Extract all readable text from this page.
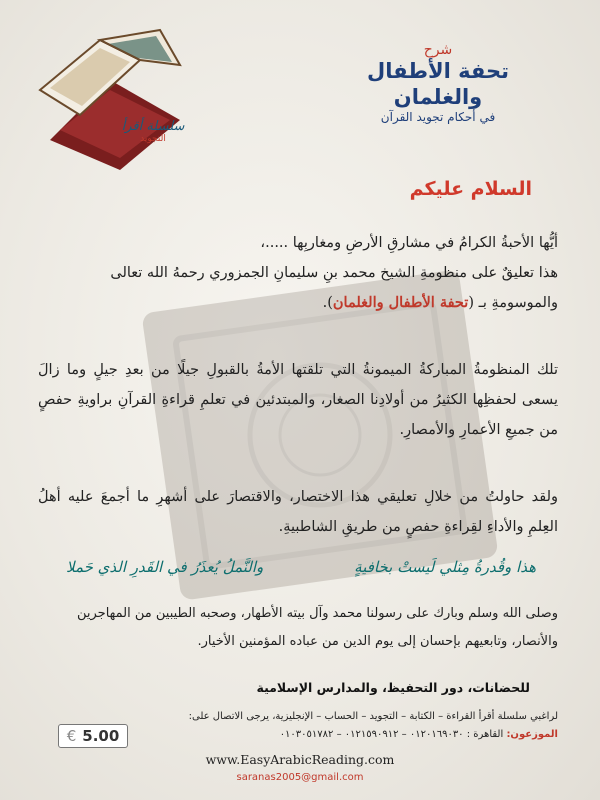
سلسلة أقرأ
التجويد
شرح
تحفة الأطفال والغلمان
في أحكام تجويد القرآن
السلام عليكم
أيُّها الأحبةُ الكرامُ في مشارقِ الأرضِ ومغاربِها .....،
هذا تعليقٌ على منظومةِ الشيخ محمد بنِ سليمانِ الجمزوري رحمهُ الله تعالى
والموسومةِ بـ (تحفة الأطفال والغلمان).
تلك المنظومةُ المباركةُ الميمونةُ التي تلقتها الأمةُ بالقبولِ جيلًا من بعدِ جيلٍ وما زالَ يسعى لحفظِها الكثيرُ من أولادِنا الصغار، والمبتدئين في تعلمِ قراءةِ القرآنِ براويةِ حفصٍ من جميعِ الأعمارِ والأمصارِ.
ولقد حاولتُ من خلالِ تعليقي هذا الاختصار، والاقتصارَ على أشهرِ ما أجمعَ عليه أهلُ العِلمِ والأداءِ لقِراءةِ حفصٍ من طريقِ الشاطبيةِ.
هذا وقُدرةُ مِثلي لَيستْ بخافيةٍ
والنَّملُ يُعذَرُ في القَدرِ الذي حَملا
وصلى الله وسلم وبارك على رسولنا محمد وآل بيته الأطهار، وصحبه الطيبين من المهاجرين والأنصار، وتابعيهم بإحسان إلى يوم الدين من عباده المؤمنين الأخيار.
للحضانات، دور التحفيظ، والمدارس الإسلامية
لراغبي سلسلة أقرأ القراءة – الكتابة – التجويد – الحساب – الإنجليزية، يرجى الاتصال على:
الموزعون: القاهرة : ٠١٢٠١٦٩٠٣٠ – ٠١٢١٥٩٠٩١٢ – ٠١٠٣٠٥١٧٨٢
€ 5.00
www.EasyArabicReading.com
saranas2005@gmail.com
